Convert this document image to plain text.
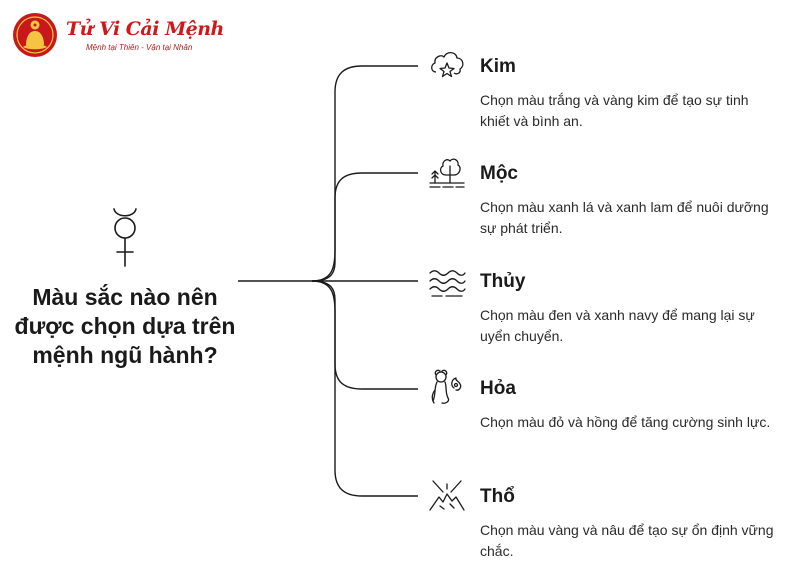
Tử Vi Cải Mệnh
Mệnh tại Thiên - Vận tại Nhân
Màu sắc nào nên được chọn dựa trên mệnh ngũ hành?
Kim
Chọn màu trắng và vàng kim để tạo sự tinh khiết và bình an.
Mộc
Chọn màu xanh lá và xanh lam để nuôi dưỡng sự phát triển.
Thủy
Chọn màu đen và xanh navy để mang lại sự uyển chuyển.
Hỏa
Chọn màu đỏ và hồng để tăng cường sinh lực.
Thổ
Chọn màu vàng và nâu để tạo sự ổn định vững chắc.
